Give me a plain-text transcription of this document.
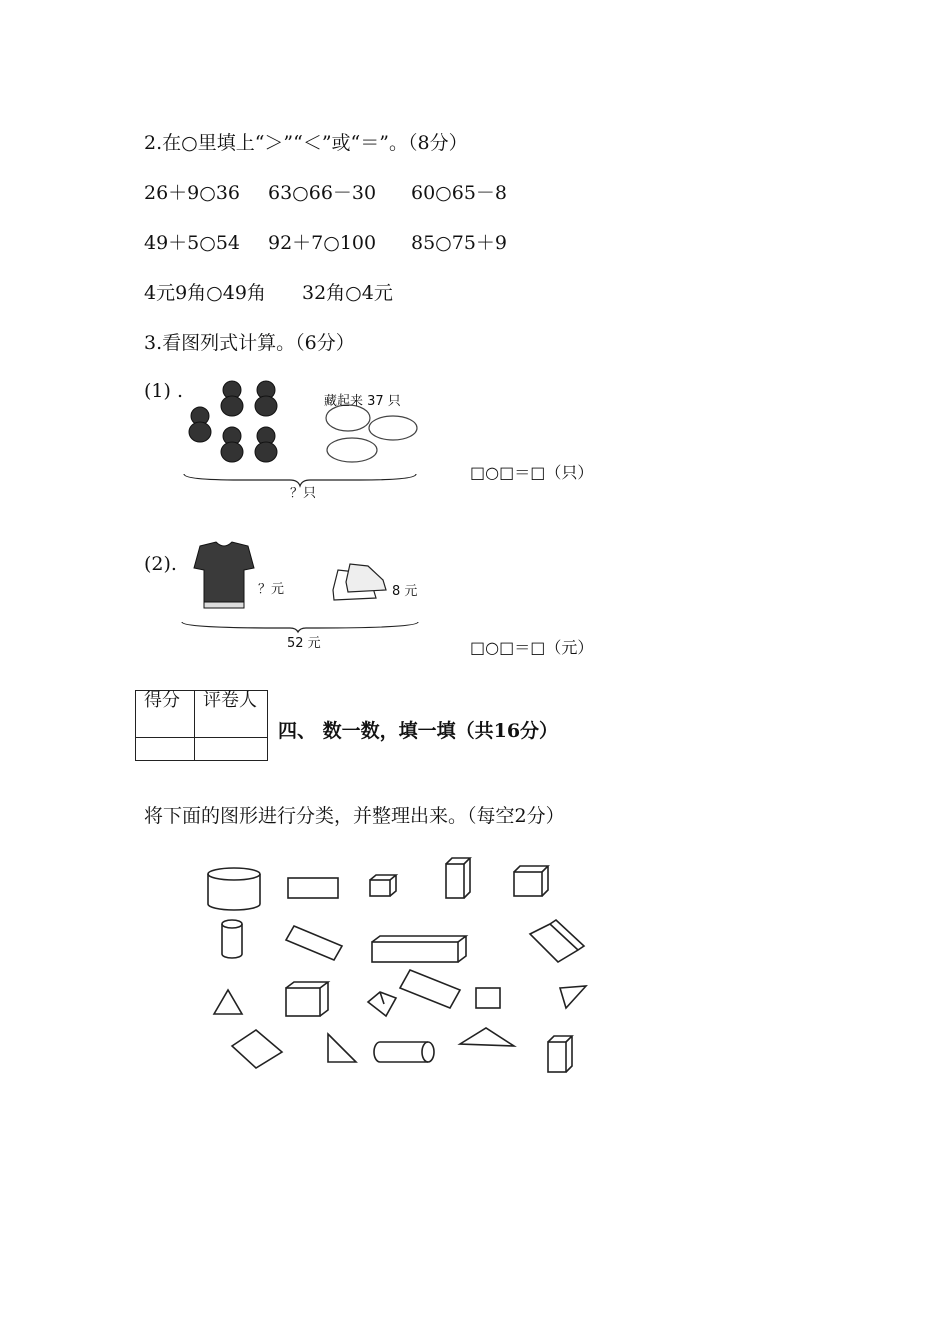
2.在○里填上“＞”“＜”或“＝”。（8分）
26＋9○36 63○66－30 60○65－8
49＋5○54 92＋7○100 85○75＋9
4元9角○49角 32角○4元
3.看图列式计算。（6分）
(1) .	藏起来 37 只
？只
□○□＝□（只）
(2).
？元	8 元
52 元	□○□＝□（元）
得分	评卷人

四、 数一数，填一填（共16分）
将下面的图形进行分类，并整理出来。（每空2分）
